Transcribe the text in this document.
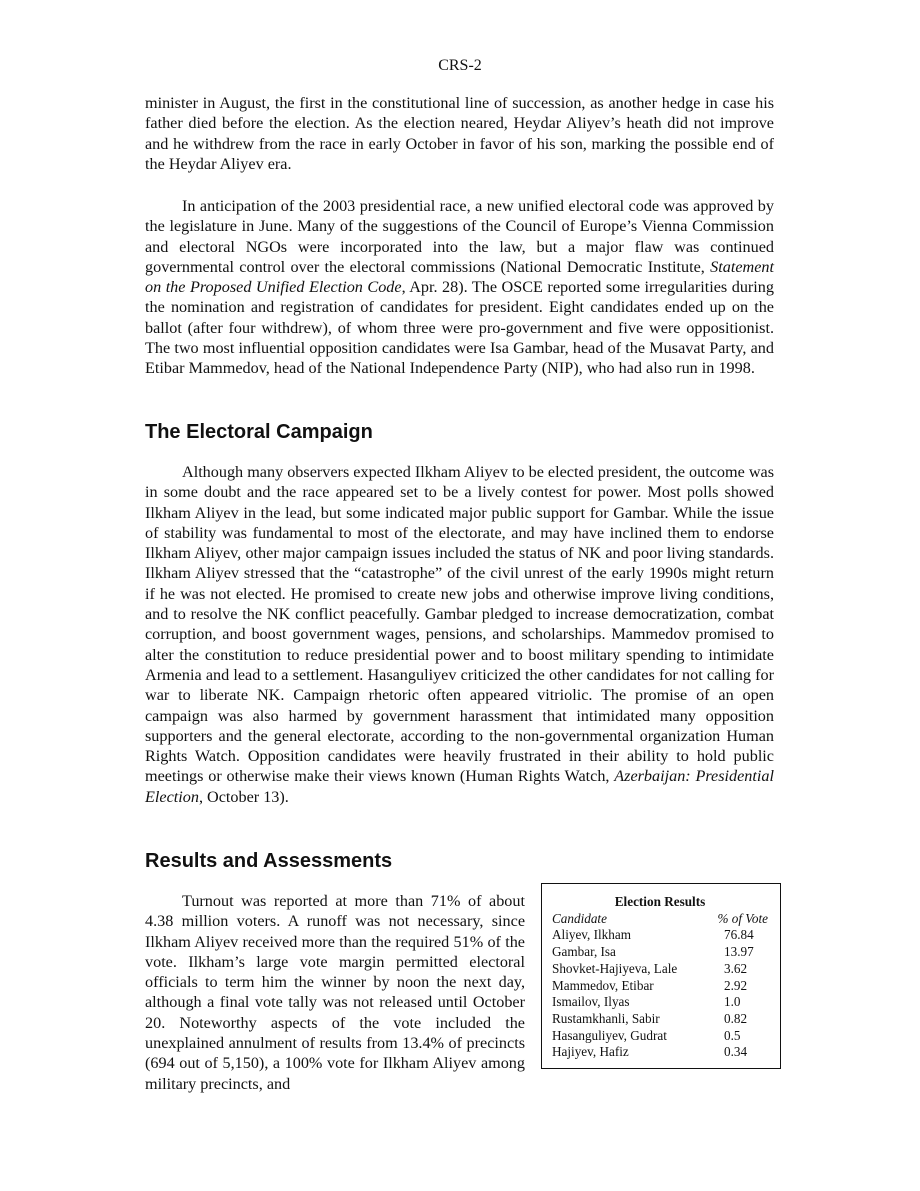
CRS-2

minister in August, the first in the constitutional line of succession, as another hedge in case his father died before the election. As the election neared, Heydar Aliyev’s heath did not improve and he withdrew from the race in early October in favor of his son, marking the possible end of the Heydar Aliyev era.

In anticipation of the 2003 presidential race, a new unified electoral code was approved by the legislature in June. Many of the suggestions of the Council of Europe’s Vienna Commission and electoral NGOs were incorporated into the law, but a major flaw was continued governmental control over the electoral commissions (National Democratic Institute, Statement on the Proposed Unified Election Code, Apr. 28). The OSCE reported some irregularities during the nomination and registration of candidates for president. Eight candidates ended up on the ballot (after four withdrew), of whom three were pro-government and five were oppositionist. The two most influential opposition candidates were Isa Gambar, head of the Musavat Party, and Etibar Mammedov, head of the National Independence Party (NIP), who had also run in 1998.

The Electoral Campaign

Although many observers expected Ilkham Aliyev to be elected president, the outcome was in some doubt and the race appeared set to be a lively contest for power. Most polls showed Ilkham Aliyev in the lead, but some indicated major public support for Gambar. While the issue of stability was fundamental to most of the electorate, and may have inclined them to endorse Ilkham Aliyev, other major campaign issues included the status of NK and poor living standards. Ilkham Aliyev stressed that the “catastrophe” of the civil unrest of the early 1990s might return if he was not elected. He promised to create new jobs and otherwise improve living conditions, and to resolve the NK conflict peacefully. Gambar pledged to increase democratization, combat corruption, and boost government wages, pensions, and scholarships. Mammedov promised to alter the constitution to reduce presidential power and to boost military spending to intimidate Armenia and lead to a settlement. Hasanguliyev criticized the other candidates for not calling for war to liberate NK. Campaign rhetoric often appeared vitriolic. The promise of an open campaign was also harmed by government harassment that intimidated many opposition supporters and the general electorate, according to the non-governmental organization Human Rights Watch. Opposition candidates were heavily frustrated in their ability to hold public meetings or otherwise make their views known (Human Rights Watch, Azerbaijan: Presidential Election, October 13).

Results and Assessments

Turnout was reported at more than 71% of about 4.38 million voters. A runoff was not necessary, since Ilkham Aliyev received more than the required 51% of the vote. Ilkham’s large vote margin permitted electoral officials to term him the winner by noon the next day, although a final vote tally was not released until October 20. Noteworthy aspects of the vote included the unexplained annulment of results from 13.4% of precincts (694 out of 5,150), a 100% vote for Ilkham Aliyev among military precincts, and

Election Results
Candidate	% of Vote
Aliyev, Ilkham	76.84
Gambar, Isa	13.97
Shovket-Hajiyeva, Lale	3.62
Mammedov, Etibar	2.92
Ismailov, Ilyas	1.0
Rustamkhanli, Sabir	0.82
Hasanguliyev, Gudrat	0.5
Hajiyev, Hafiz	0.34
